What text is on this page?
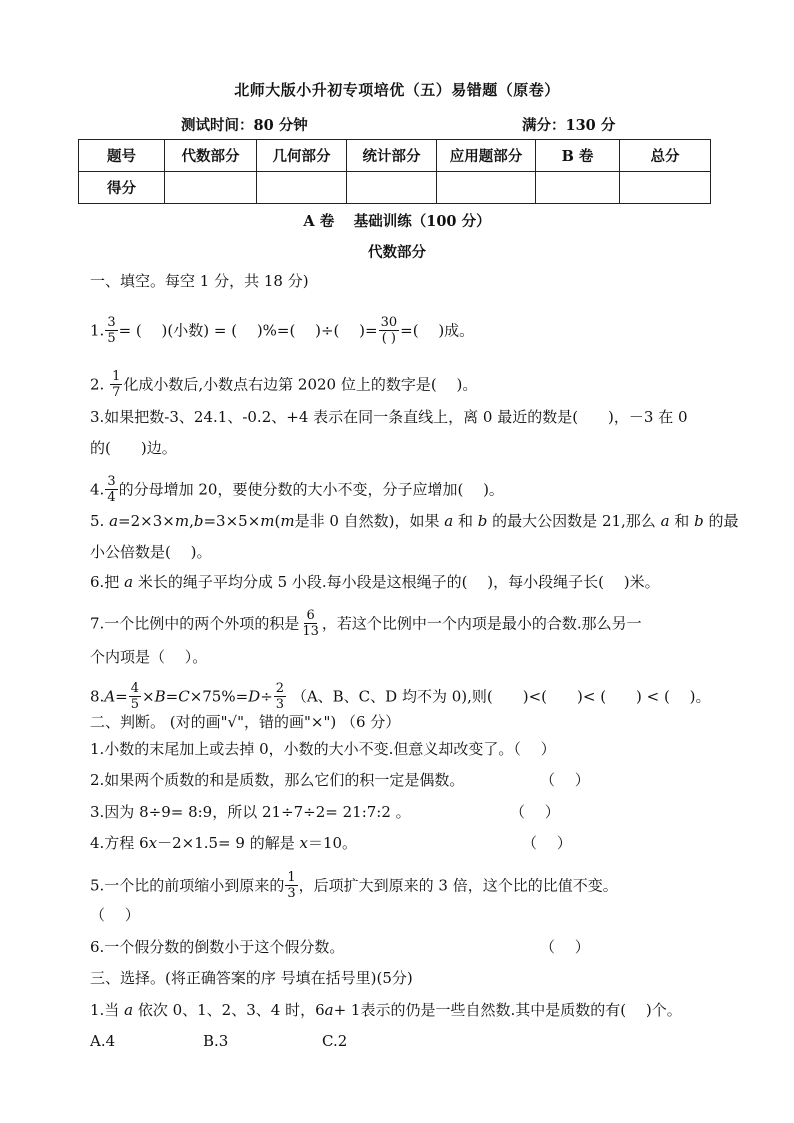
北师大版小升初专项培优（五）易错题（原卷）
测试时间：80 分钟	满分：130 分
题号	代数部分	几何部分	统计部分	应用题部分	B 卷	总分
得分						
A 卷　 基础训练（100 分）
代数部分
一、填空。每空 1 分，共 18 分)
1. $\frac{3}{5}$ = (　 )(小数) = (　 )%=(　 )÷(　 )= $\frac{30}{( )}$ =(　 )成。
2. $\frac{1}{7}$ 化成小数后,小数点右边第 2020 位上的数字是(　 )。
3.如果把数-3、24.1、-0.2、+4 表示在同一条直线上，离 0 最近的数是(　　)，－3 在 0
的(　　)边。
4. $\frac{3}{4}$ 的分母增加 20，要使分数的大小不变，分子应增加(　 )。
5. a=2×3×m,b=3×5×m(m是非 0 自然数)，如果 a 和 b 的最大公因数是 21,那么 a 和 b 的最
小公倍数是(　 )。
6.把 a 米长的绳子平均分成 5 小段.每小段是这根绳子的(　 )，每小段绳子长(　 )米。
7.一个比例中的两个外项的积是 $\frac{6}{13}$ ，若这个比例中一个内项是最小的合数.那么另一
个内项是（　 ）。
$8.A= \frac{4}{5} \times B=C\times 75\%=D\div \frac{2}{3} (A$、B、C、D 均不为 0),则(　　)<(　　)< (　　) < (　 )。
二、判断。 (对的画"√"，错的画"×") （6 分）
1.小数的末尾加上或去掉 0，小数的大小不变.但意义却改变了。（　 ）
2.如果两个质数的和是质数，那么它们的积一定是偶数。	（　 ）
3.因为 8÷9= 8:9，所以 21÷7÷2= 21:7:2 。	（　 ）
4.方程 6x－2×1.5= 9 的解是 x＝10。	（　 ）
5.一个比的前项缩小到原来的 $\frac{1}{3}$ ，后项扩大到原来的 3 倍，这个比的比值不变。
（　 ）
6.一个假分数的倒数小于这个假分数。	（　 ）
三、选择。(将正确答案的序 号填在括号里)(5分)
1.当 a 依次 0、1、2、3、4 时，6a+ 1表示的仍是一些自然数.其中是质数的有(　 )个。
A.4	B.3	C.2
